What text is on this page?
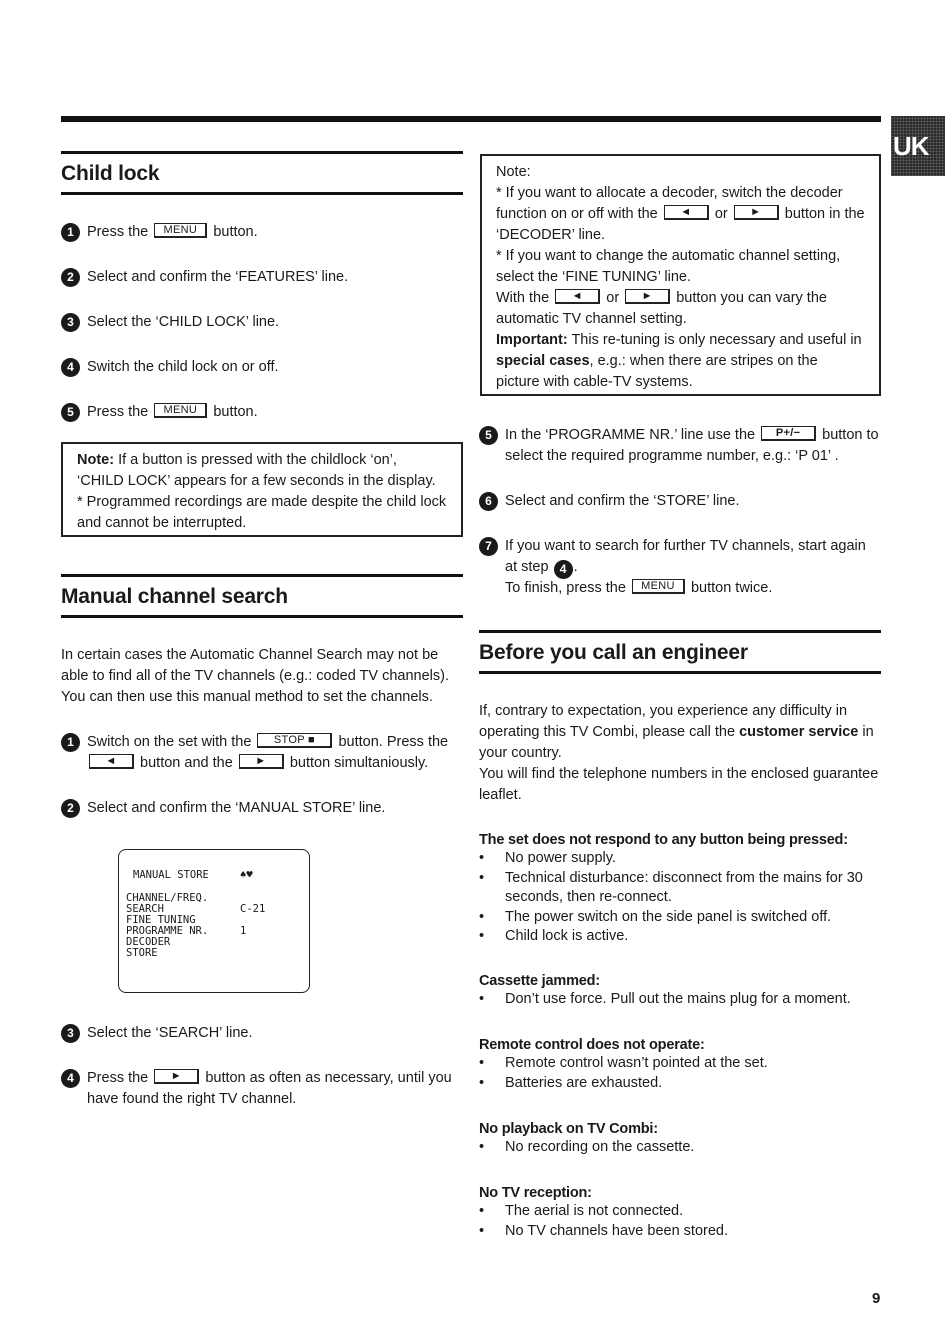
UK
Child lock
1 Press the MENU button.
2 Select and confirm the ‘FEATURES’ line.
3 Select the ‘CHILD LOCK’ line.
4 Switch the child lock on or off.
5 Press the MENU button.
Note: If a button is pressed with the childlock ‘on’, ‘CHILD LOCK’ appears for a few seconds in the display.
* Programmed recordings are made despite the child lock and cannot be interrupted.
Manual channel search
In certain cases the Automatic Channel Search may not be able to find all of the TV channels (e.g.: coded TV channels). You can then use this manual method to set the channels.
1 Switch on the set with the STOP ■ button. Press the
◄ button and the ► button simultaniously.
2 Select and confirm the ‘MANUAL STORE’ line.
MANUAL STORE	♠♥
CHANNEL/FREQ.
SEARCH	C-21
FINE TUNING
PROGRAMME NR.	1
DECODER
STORE
3 Select the ‘SEARCH’ line.
4 Press the ► button as often as necessary, until you have found the right TV channel.
Note:
* If you want to allocate a decoder, switch the decoder function on or off with the ◄ or ► button in the ‘DECODER’ line.
* If you want to change the automatic channel setting, select the ‘FINE TUNING’ line.
With the ◄ or ► button you can vary the automatic TV channel setting.
Important: This re-tuning is only necessary and useful in special cases, e.g.: when there are stripes on the picture with cable-TV systems.
5 In the ‘PROGRAMME NR.’ line use the P+/− button to select the required programme number, e.g.: ‘P 01’ .
6 Select and confirm the ‘STORE’ line.
7 If you want to search for further TV channels, start again at step 4 .
To finish, press the MENU button twice.
Before you call an engineer
If, contrary to expectation, you experience any difficulty in operating this TV Combi, please call the customer service in your country.
You will find the telephone numbers in the enclosed guarantee leaflet.
The set does not respond to any button being pressed:
• No power supply.
• Technical disturbance: disconnect from the mains for 30 seconds, then re-connect.
• The power switch on the side panel is switched off.
• Child lock is active.
Cassette jammed:
• Don’t use force. Pull out the mains plug for a moment.
Remote control does not operate:
• Remote control wasn’t pointed at the set.
• Batteries are exhausted.
No playback on TV Combi:
• No recording on the cassette.
No TV reception:
• The aerial is not connected.
• No TV channels have been stored.
9
